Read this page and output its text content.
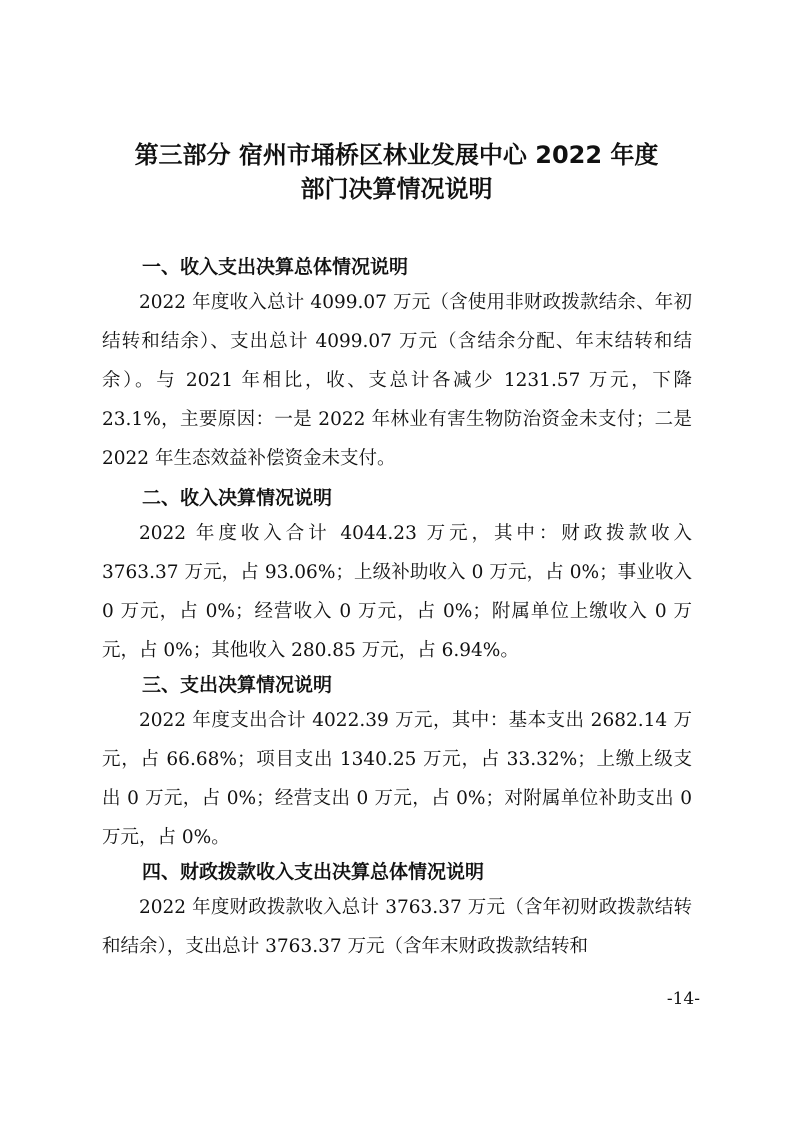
第三部分 宿州市埇桥区林业发展中心 2022 年度
部门决算情况说明
一、收入支出决算总体情况说明
2022 年度收入总计 4099.07 万元（含使用非财政拨款结余、年初结转和结余）、支出总计 4099.07 万元（含结余分配、年末结转和结余）。与 2021 年相比，收、支总计各减少 1231.57 万元，下降 23.1%，主要原因：一是 2022 年林业有害生物防治资金未支付；二是 2022 年生态效益补偿资金未支付。
二、收入决算情况说明
2022 年度收入合计 4044.23 万元，其中：财政拨款收入 3763.37 万元，占 93.06%；上级补助收入 0 万元，占 0%；事业收入 0 万元，占 0%；经营收入 0 万元，占 0%；附属单位上缴收入 0 万元，占 0%；其他收入 280.85 万元，占 6.94%。
三、支出决算情况说明
2022 年度支出合计 4022.39 万元，其中：基本支出 2682.14 万元，占 66.68%；项目支出 1340.25 万元，占 33.32%；上缴上级支出 0 万元，占 0%；经营支出 0 万元，占 0%；对附属单位补助支出 0 万元，占 0%。
四、财政拨款收入支出决算总体情况说明
2022 年度财政拨款收入总计 3763.37 万元（含年初财政拨款结转和结余），支出总计 3763.37 万元（含年末财政拨款结转和
-14-
